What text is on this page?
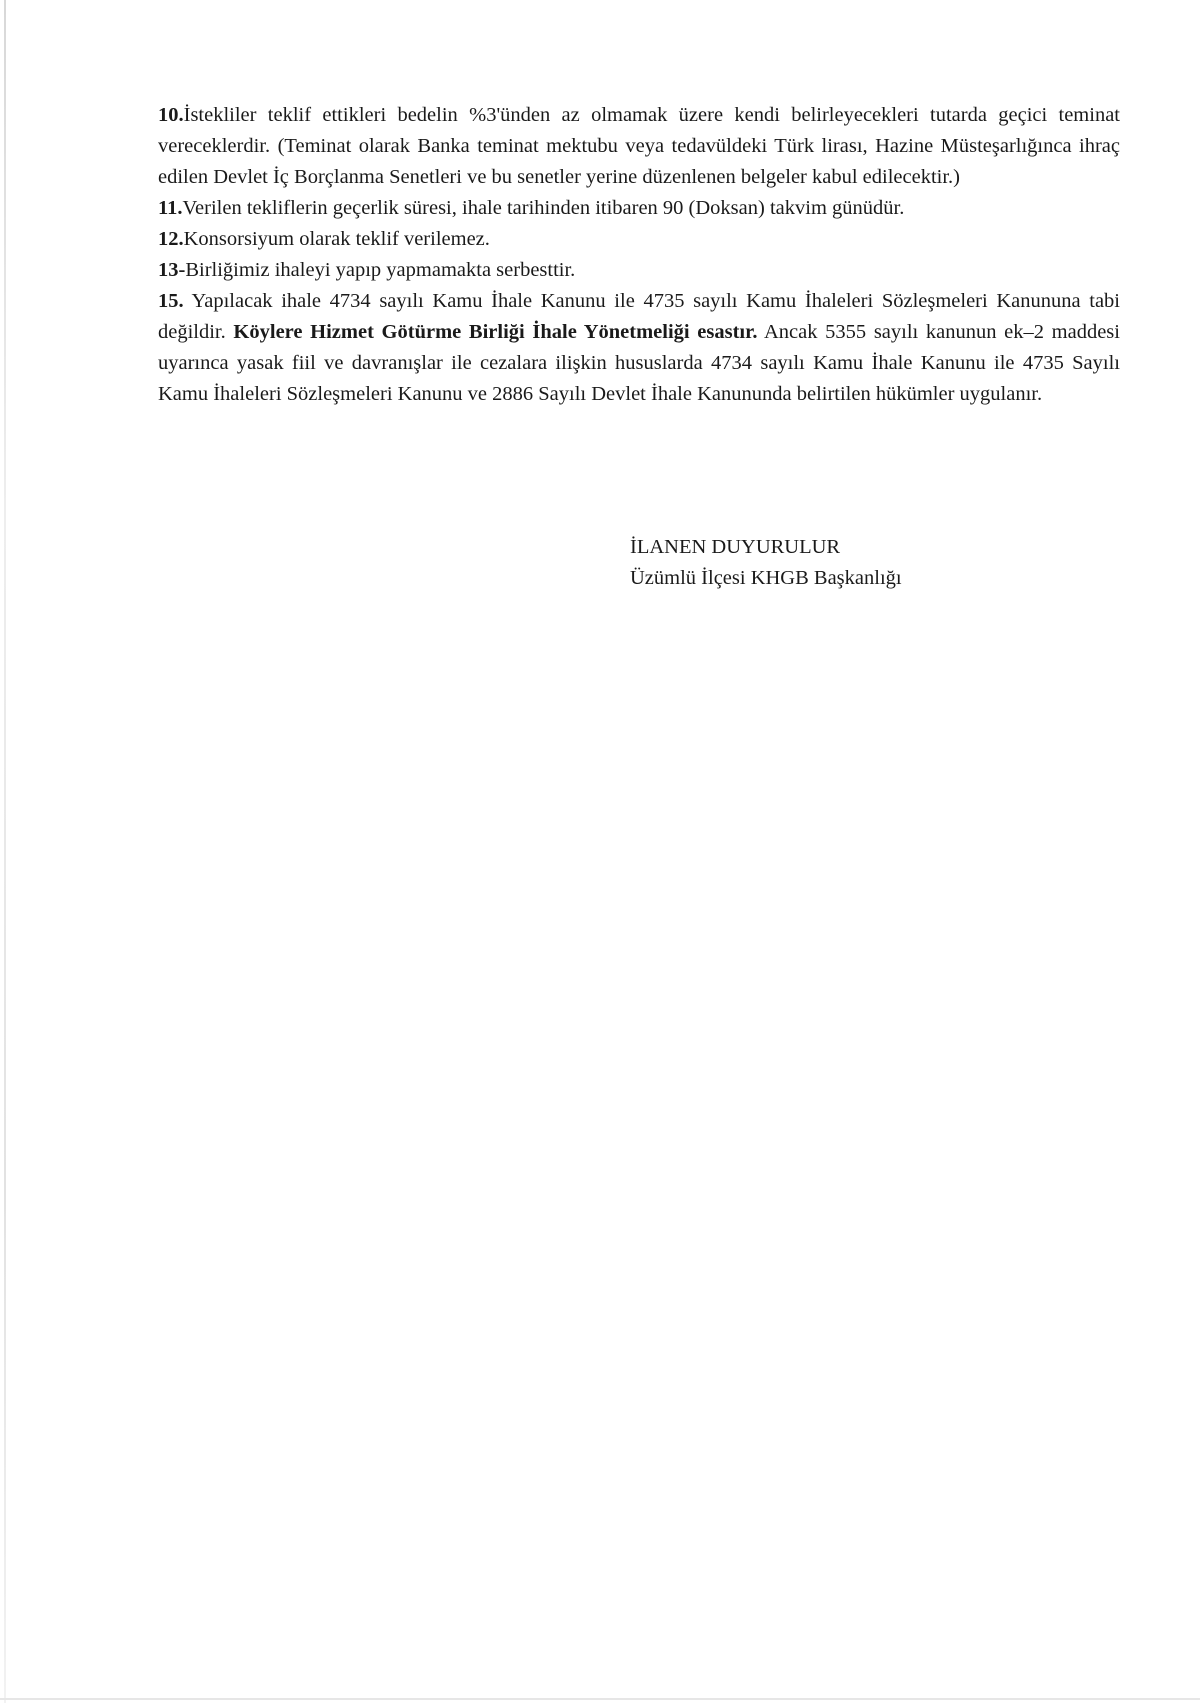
10.İstekliler teklif ettikleri bedelin %3'ünden az olmamak üzere kendi belirleyecekleri tutarda geçici teminat vereceklerdir. (Teminat olarak Banka teminat mektubu veya tedavüldeki Türk lirası, Hazine Müsteşarlığınca ihraç edilen Devlet İç Borçlanma Senetleri ve bu senetler yerine düzenlenen belgeler kabul edilecektir.)

11.Verilen tekliflerin geçerlik süresi, ihale tarihinden itibaren 90 (Doksan) takvim günüdür.

12.Konsorsiyum olarak teklif verilemez.

13-Birliğimiz ihaleyi yapıp yapmamakta serbesttir.

15. Yapılacak ihale 4734 sayılı Kamu İhale Kanunu ile 4735 sayılı Kamu İhaleleri Sözleşmeleri Kanununa tabi değildir. Köylere Hizmet Götürme Birliği İhale Yönetmeliği esastır. Ancak 5355 sayılı kanunun ek–2 maddesi uyarınca yasak fiil ve davranışlar ile cezalara ilişkin hususlarda 4734 sayılı Kamu İhale Kanunu ile 4735 Sayılı Kamu İhaleleri Sözleşmeleri Kanunu ve 2886 Sayılı Devlet İhale Kanununda belirtilen hükümler uygulanır.

İLANEN DUYURULUR
Üzümlü İlçesi KHGB Başkanlığı
